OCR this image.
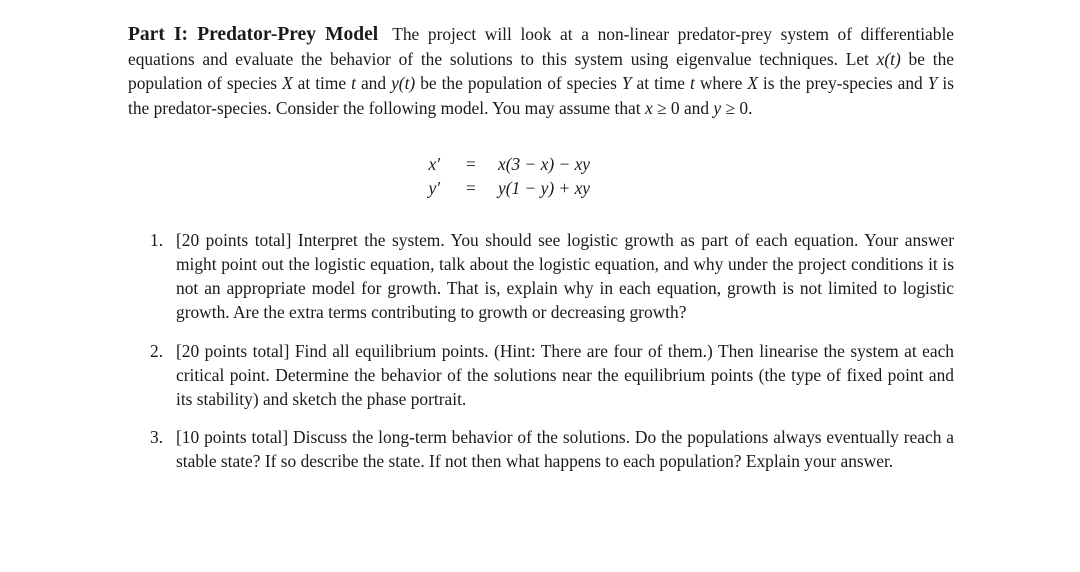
Part I: Predator-Prey Model The project will look at a non-linear predator-prey system of differentiable equations and evaluate the behavior of the solutions to this system using eigenvalue techniques. Let x(t) be the population of species X at time t and y(t) be the population of species Y at time t where X is the prey-species and Y is the predator-species. Consider the following model. You may assume that x ≥ 0 and y ≥ 0.

x′ = x(3 − x) − xy
y′ = y(1 − y) + xy
1. [20 points total] Interpret the system. You should see logistic growth as part of each equation. Your answer might point out the logistic equation, talk about the logistic equation, and why under the project conditions it is not an appropriate model for growth. That is, explain why in each equation, growth is not limited to logistic growth. Are the extra terms contributing to growth or decreasing growth?
2. [20 points total] Find all equilibrium points. (Hint: There are four of them.) Then linearise the system at each critical point. Determine the behavior of the solutions near the equilibrium points (the type of fixed point and its stability) and sketch the phase portrait.
3. [10 points total] Discuss the long-term behavior of the solutions. Do the populations always eventually reach a stable state? If so describe the state. If not then what happens to each population? Explain your answer.
